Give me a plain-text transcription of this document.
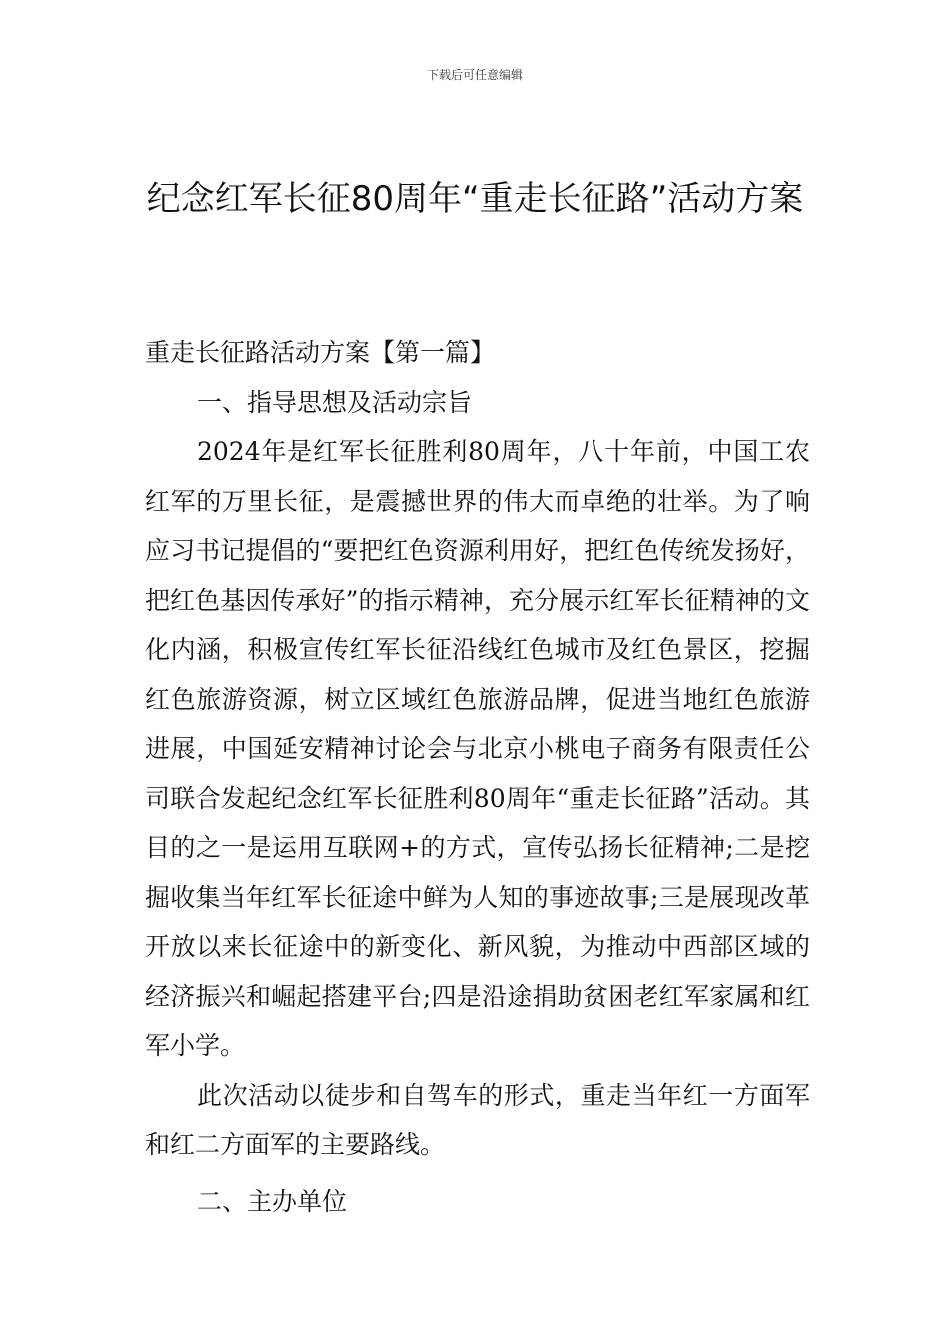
下载后可任意编辑
纪念红军长征80周年“重走长征路”活动方案

重走长征路活动方案【第一篇】

一、指导思想及活动宗旨

2024年是红军长征胜利80周年，八十年前，中国工农红军的万里长征，是震撼世界的伟大而卓绝的壮举。为了响应习书记提倡的“要把红色资源利用好，把红色传统发扬好，把红色基因传承好”的指示精神，充分展示红军长征精神的文化内涵，积极宣传红军长征沿线红色城市及红色景区，挖掘红色旅游资源，树立区域红色旅游品牌，促进当地红色旅游进展，中国延安精神讨论会与北京小桃电子商务有限责任公司联合发起纪念红军长征胜利80周年“重走长征路”活动。其目的之一是运用互联网+的方式，宣传弘扬长征精神;二是挖掘收集当年红军长征途中鲜为人知的事迹故事;三是展现改革开放以来长征途中的新变化、新风貌，为推动中西部区域的经济振兴和崛起搭建平台;四是沿途捐助贫困老红军家属和红军小学。

此次活动以徒步和自驾车的形式，重走当年红一方面军和红二方面军的主要路线。

二、主办单位
